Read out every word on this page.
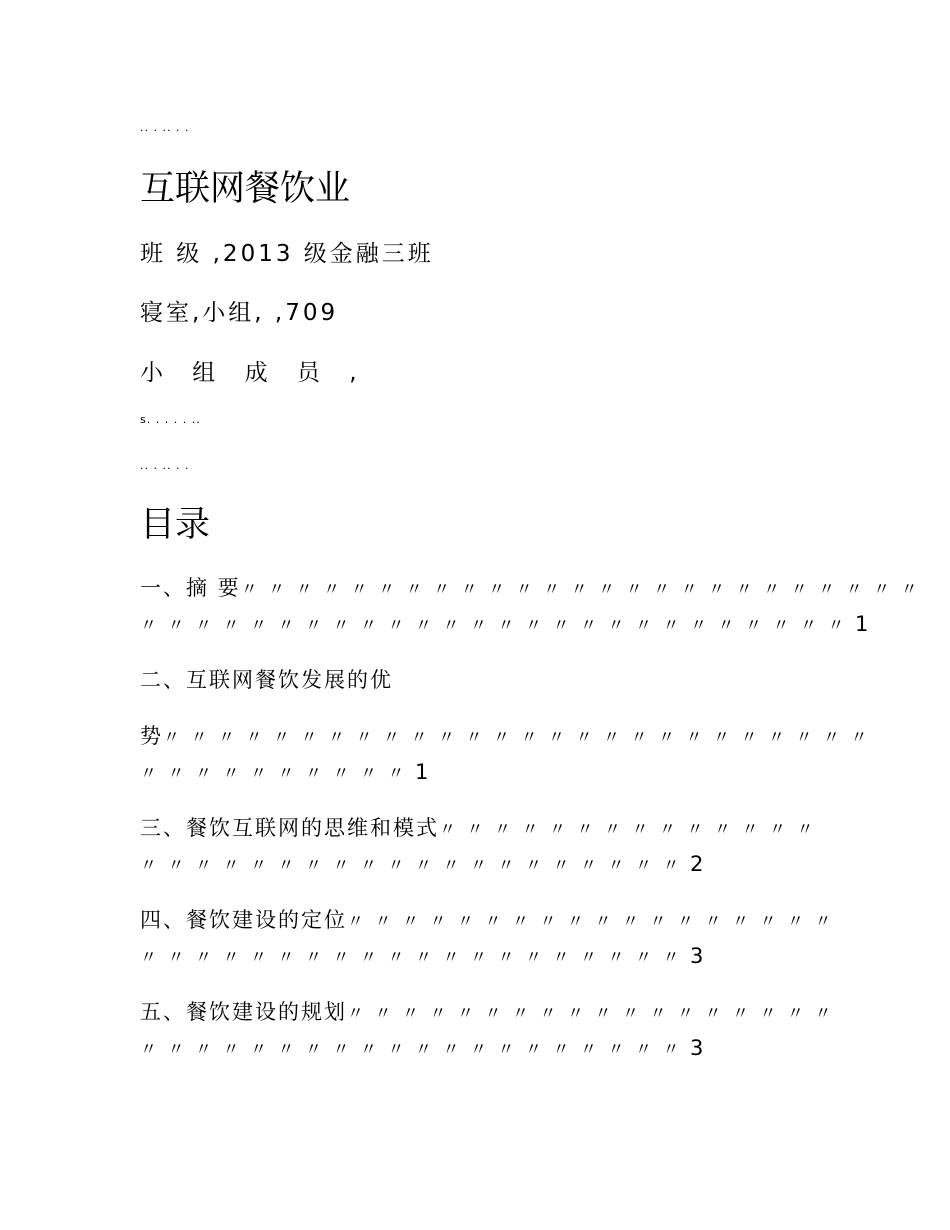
.. . .. . .
互联网餐饮业
班 级 ,2013 级金融三班
寝室,小组, ,709
小 组 成 员 ,
s. . . . . ..
.. . .. . .
目录
一、摘 要〃〃〃〃〃〃〃〃〃〃〃〃〃〃〃〃〃〃〃〃〃〃〃〃〃
〃〃〃〃〃〃〃〃〃〃〃〃〃〃〃〃〃〃〃〃〃〃〃〃〃〃1
二、互联网餐饮发展的优
势〃〃〃〃〃〃〃〃〃〃〃〃〃〃〃〃〃〃〃〃〃〃〃〃〃〃
〃〃〃〃〃〃〃〃〃〃1
三、餐饮互联网的思维和模式〃〃〃〃〃〃〃〃〃〃〃〃〃〃
〃〃〃〃〃〃〃〃〃〃〃〃〃〃〃〃〃〃〃〃2
四、餐饮建设的定位〃〃〃〃〃〃〃〃〃〃〃〃〃〃〃〃〃〃
〃〃〃〃〃〃〃〃〃〃〃〃〃〃〃〃〃〃〃〃3
五、餐饮建设的规划〃〃〃〃〃〃〃〃〃〃〃〃〃〃〃〃〃〃
〃〃〃〃〃〃〃〃〃〃〃〃〃〃〃〃〃〃〃〃3
